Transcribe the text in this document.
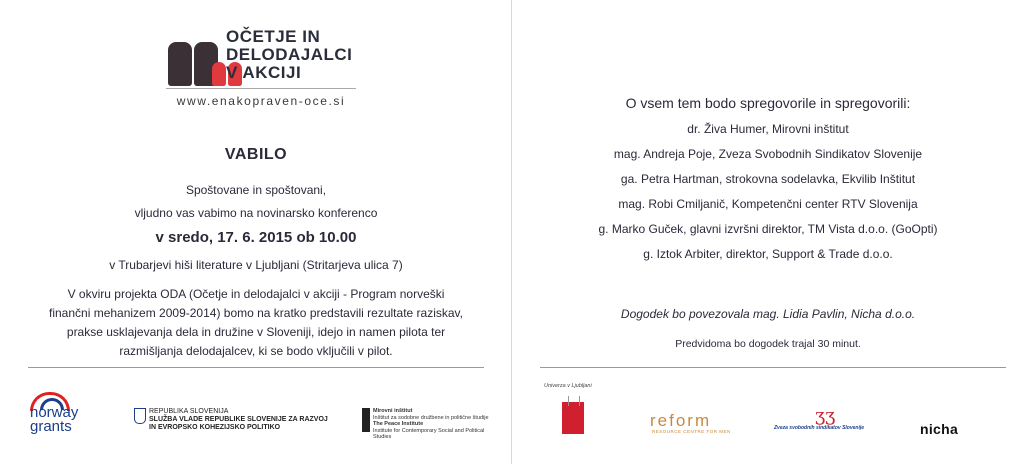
OČETJE IN
DELODAJALCI
V AKCIJI
www.enakopraven-oce.si
VABILO
Spoštovane in spoštovani,
vljudno vas vabimo na novinarsko konferenco
v sredo, 17. 6. 2015 ob 10.00
v Trubarjevi hiši literature v Ljubljani (Stritarjeva ulica 7)
V okviru projekta ODA (Očetje in delodajalci v akciji - Program norveški finančni mehanizem 2009-2014) bomo na kratko predstavili rezultate raziskav, prakse usklajevanja dela in družine v Sloveniji, idejo in namen pilota ter razmišljanja delodajalcev, ki se bodo vključili v pilot.
norway
grants
REPUBLIKA SLOVENIJA
SLUŽBA VLADE REPUBLIKE SLOVENIJE ZA RAZVOJ
IN EVROPSKO KOHEZIJSKO POLITIKO
Mirovni inštitut
Inštitut za sodobne družbene in politične študije
The Peace Institute
Institute for Contemporary Social and Political Studies
O vsem tem bodo spregovorile in spregovorili:
dr. Živa Humer, Mirovni inštitut
mag. Andreja Poje, Zveza Svobodnih Sindikatov Slovenije
ga. Petra Hartman, strokovna sodelavka, Ekvilib Inštitut
mag. Robi Cmiljanič, Kompetenčni center RTV Slovenija
g. Marko Guček, glavni izvršni direktor, TM Vista d.o.o. (GoOpti)
g. Iztok Arbiter, direktor, Support & Trade d.o.o.
Dogodek bo povezovala mag. Lidia Pavlin, Nicha d.o.o.
Predvidoma bo dogodek trajal 30 minut.
Univerza v Ljubljani
reform
RESOURCE CENTRE FOR MEN
ʒʒ
Zveza svobodnih sindikatov Slovenije	nicha
